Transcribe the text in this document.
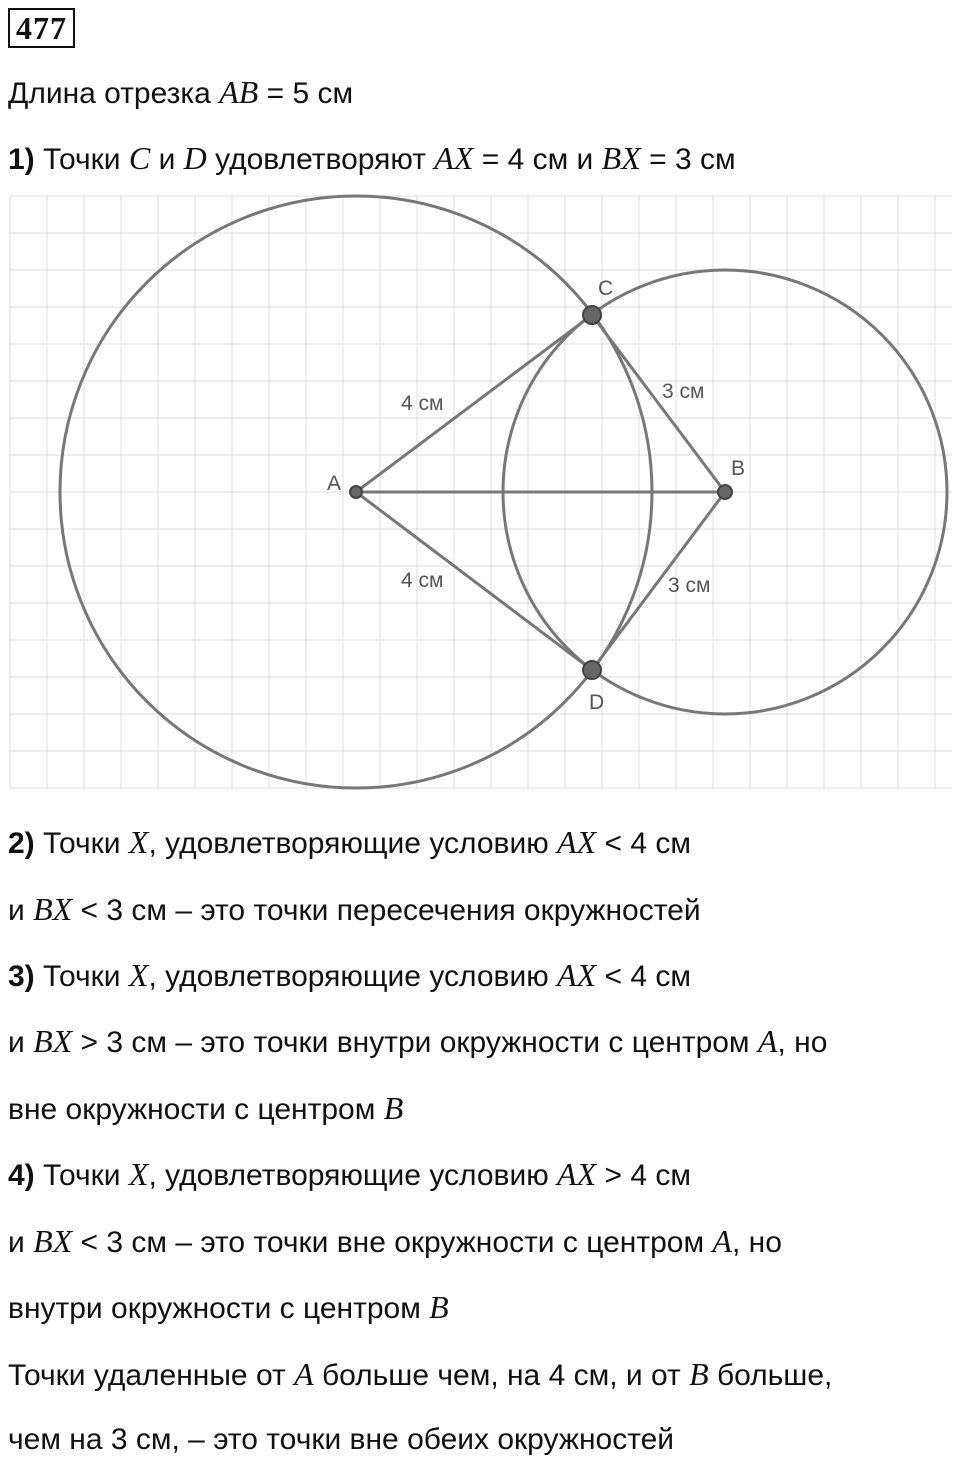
477
Длина отрезка AB = 5 см
1) Точки C и D удовлетворяют AX = 4 см и BX = 3 см
A
B
C
D
4 см
4 см
3 см
3 см
2) Точки X, удовлетворяющие условию AX < 4 см
и BX < 3 см – это точки пересечения окружностей
3) Точки X, удовлетворяющие условию AX < 4 см
и BX > 3 см – это точки внутри окружности с центром A, но
вне окружности с центром B
4) Точки X, удовлетворяющие условию AX > 4 см
и BX < 3 см – это точки вне окружности с центром A, но
внутри окружности с центром B
Точки удаленные от A больше чем, на 4 см, и от B больше,
чем на 3 см, – это точки вне обеих окружностей
